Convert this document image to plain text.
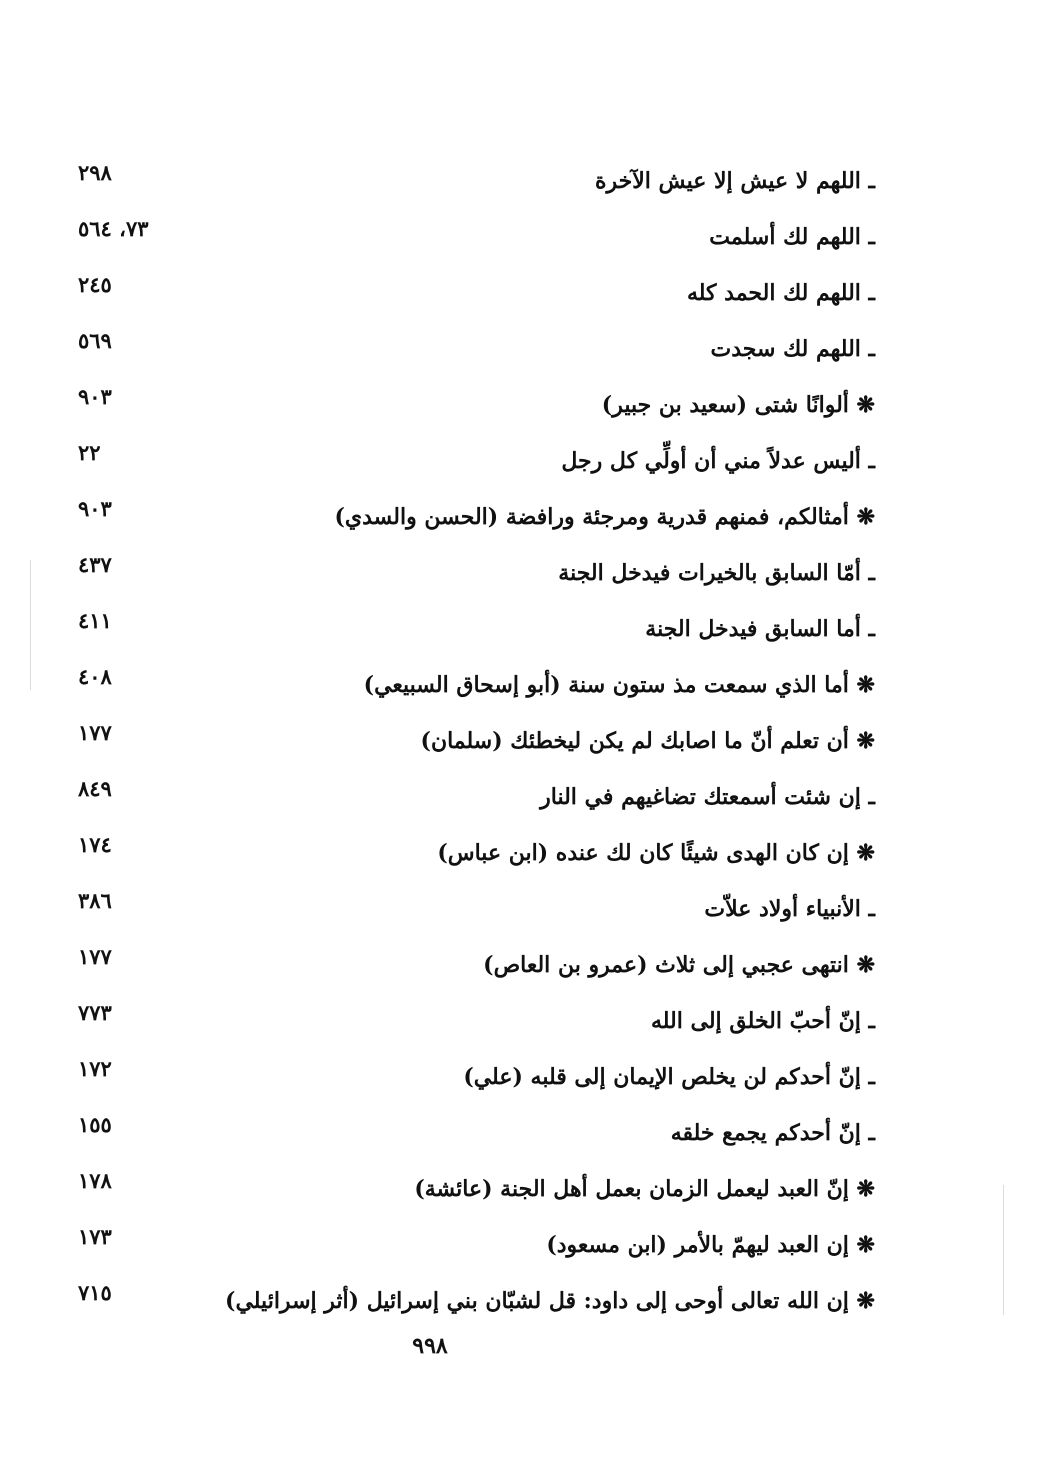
ـ اللهم لا عيش إلا عيش الآخرة
٢٩٨
ـ اللهم لك أسلمت
٧٣، ٥٦٤
ـ اللهم لك الحمد كله
٢٤٥
ـ اللهم لك سجدت
٥٦٩
❋ ألوانًا شتى (سعيد بن جبير)
٩٠٣
ـ أليس عدلاً مني أن أولِّي كل رجل
٢٢
❋ أمثالكم، فمنهم قدرية ومرجئة ورافضة (الحسن والسدي)
٩٠٣
ـ أمّا السابق بالخيرات فيدخل الجنة
٤٣٧
ـ أما السابق فيدخل الجنة
٤١١
❋ أما الذي سمعت مذ ستون سنة (أبو إسحاق السبيعي)
٤٠٨
❋ أن تعلم أنّ ما اصابك لم يكن ليخطئك (سلمان)
١٧٧
ـ إن شئت أسمعتك تضاغيهم في النار
٨٤٩
❋ إن كان الهدى شيئًا كان لك عنده (ابن عباس)
١٧٤
ـ الأنبياء أولاد علاّت
٣٨٦
❋ انتهى عجبي إلى ثلاث (عمرو بن العاص)
١٧٧
ـ إنّ أحبّ الخلق إلى الله
٧٧٣
ـ إنّ أحدكم لن يخلص الإيمان إلى قلبه (علي)
١٧٢
ـ إنّ أحدكم يجمع خلقه
١٥٥
❋ إنّ العبد ليعمل الزمان بعمل أهل الجنة (عائشة)
١٧٨
❋ إن العبد ليهمّ بالأمر (ابن مسعود)
١٧٣
❋ إن الله تعالى أوحى إلى داود: قل لشبّان بني إسرائيل (أثر إسرائيلي)
٧١٥
٩٩٨
